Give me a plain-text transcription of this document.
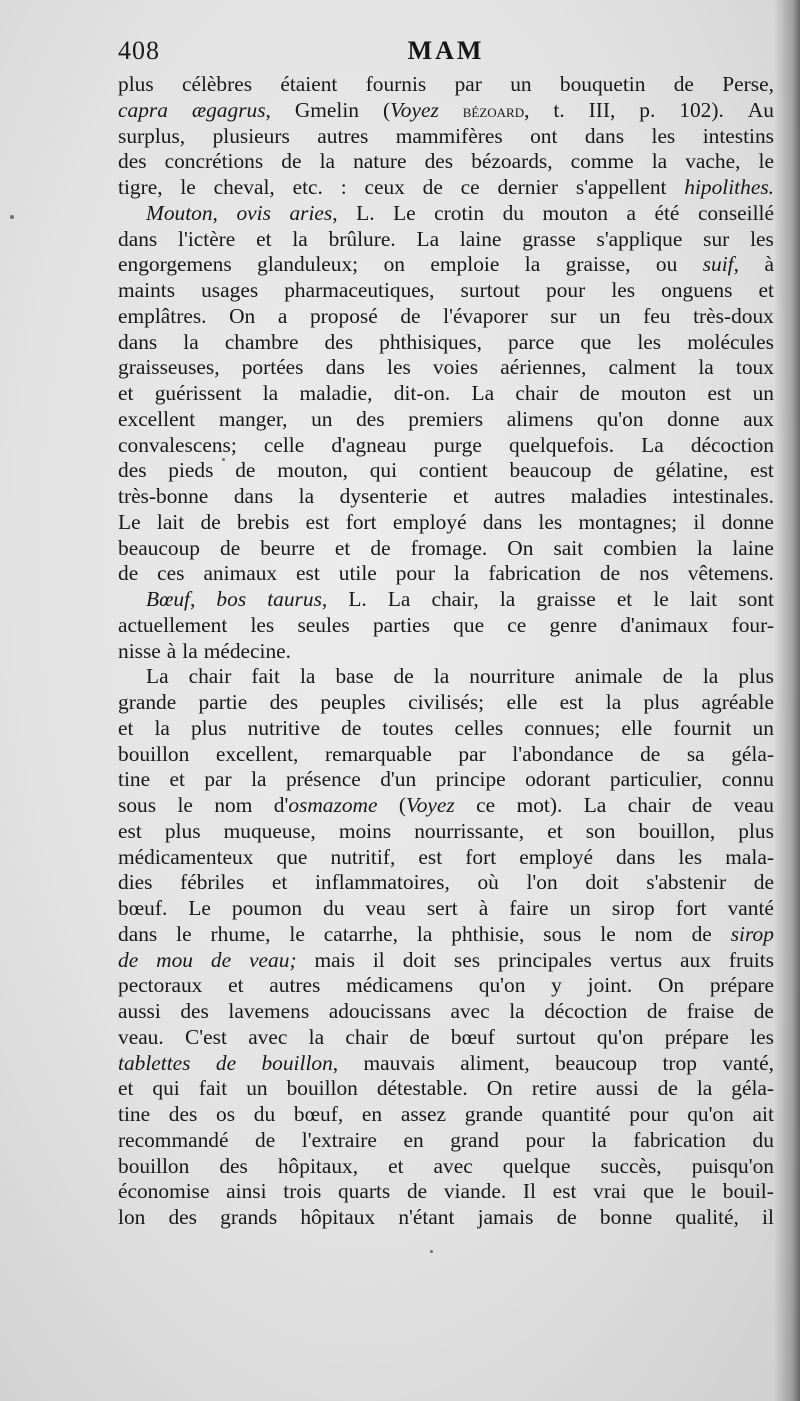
408	MAM
plus célèbres étaient fournis par un bouquetin de Perse,
capra ægagrus, Gmelin (Voyez bézoard, t. III, p. 102). Au
surplus, plusieurs autres mammifères ont dans les intestins
des concrétions de la nature des bézoards, comme la vache, le
tigre, le cheval, etc. : ceux de ce dernier s'appellent hipolithes.
Mouton, ovis aries, L. Le crotin du mouton a été conseillé
dans l'ictère et la brûlure. La laine grasse s'applique sur les
engorgemens glanduleux; on emploie la graisse, ou suif, à
maints usages pharmaceutiques, surtout pour les onguens et
emplâtres. On a proposé de l'évaporer sur un feu très-doux
dans la chambre des phthisiques, parce que les molécules
graisseuses, portées dans les voies aériennes, calment la toux
et guérissent la maladie, dit-on. La chair de mouton est un
excellent manger, un des premiers alimens qu'on donne aux
convalescens; celle d'agneau purge quelquefois. La décoction
des pieds de mouton, qui contient beaucoup de gélatine, est
très-bonne dans la dysenterie et autres maladies intestinales.
Le lait de brebis est fort employé dans les montagnes; il donne
beaucoup de beurre et de fromage. On sait combien la laine
de ces animaux est utile pour la fabrication de nos vêtemens.
Bœuf, bos taurus, L. La chair, la graisse et le lait sont
actuellement les seules parties que ce genre d'animaux four-
nisse à la médecine.
La chair fait la base de la nourriture animale de la plus
grande partie des peuples civilisés; elle est la plus agréable
et la plus nutritive de toutes celles connues; elle fournit un
bouillon excellent, remarquable par l'abondance de sa géla-
tine et par la présence d'un principe odorant particulier, connu
sous le nom d'osmazome (Voyez ce mot). La chair de veau
est plus muqueuse, moins nourrissante, et son bouillon, plus
médicamenteux que nutritif, est fort employé dans les mala-
dies fébriles et inflammatoires, où l'on doit s'abstenir de
bœuf. Le poumon du veau sert à faire un sirop fort vanté
dans le rhume, le catarrhe, la phthisie, sous le nom de sirop
de mou de veau; mais il doit ses principales vertus aux fruits
pectoraux et autres médicamens qu'on y joint. On prépare
aussi des lavemens adoucissans avec la décoction de fraise de
veau. C'est avec la chair de bœuf surtout qu'on prépare les
tablettes de bouillon, mauvais aliment, beaucoup trop vanté,
et qui fait un bouillon détestable. On retire aussi de la géla-
tine des os du bœuf, en assez grande quantité pour qu'on ait
recommandé de l'extraire en grand pour la fabrication du
bouillon des hôpitaux, et avec quelque succès, puisqu'on
économise ainsi trois quarts de viande. Il est vrai que le bouil-
lon des grands hôpitaux n'étant jamais de bonne qualité, il
